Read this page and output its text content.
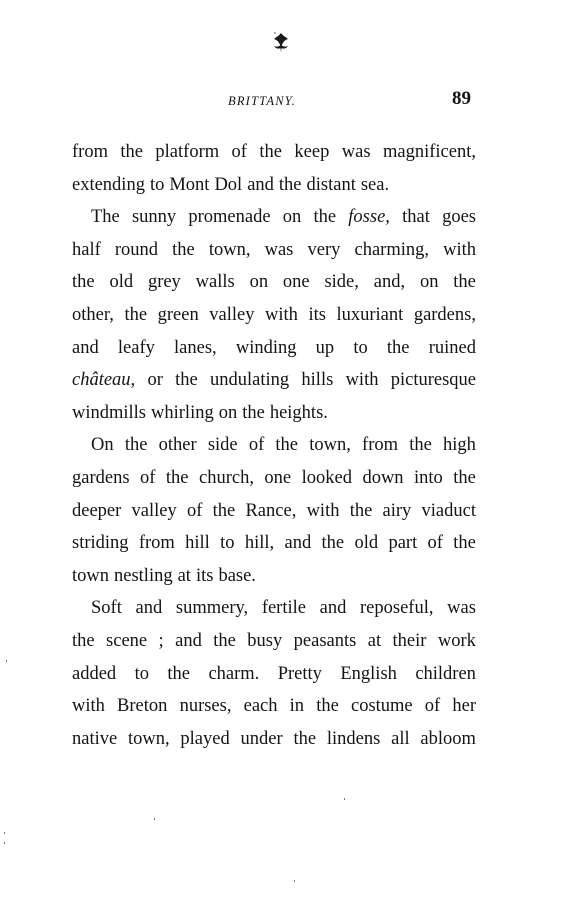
BRITTANY.	89
from the platform of the keep was magnificent,
extending to Mont Dol and the distant sea.
The sunny promenade on the fosse, that goes
half round the town, was very charming, with
the old grey walls on one side, and, on the
other, the green valley with its luxuriant gardens,
and leafy lanes, winding up to the ruined
château, or the undulating hills with picturesque
windmills whirling on the heights.
On the other side of the town, from the high
gardens of the church, one looked down into the
deeper valley of the Rance, with the airy viaduct
striding from hill to hill, and the old part of the
town nestling at its base.
Soft and summery, fertile and reposeful, was
the scene ; and the busy peasants at their work
added to the charm. Pretty English children
with Breton nurses, each in the costume of her
native town, played under the lindens all abloom
